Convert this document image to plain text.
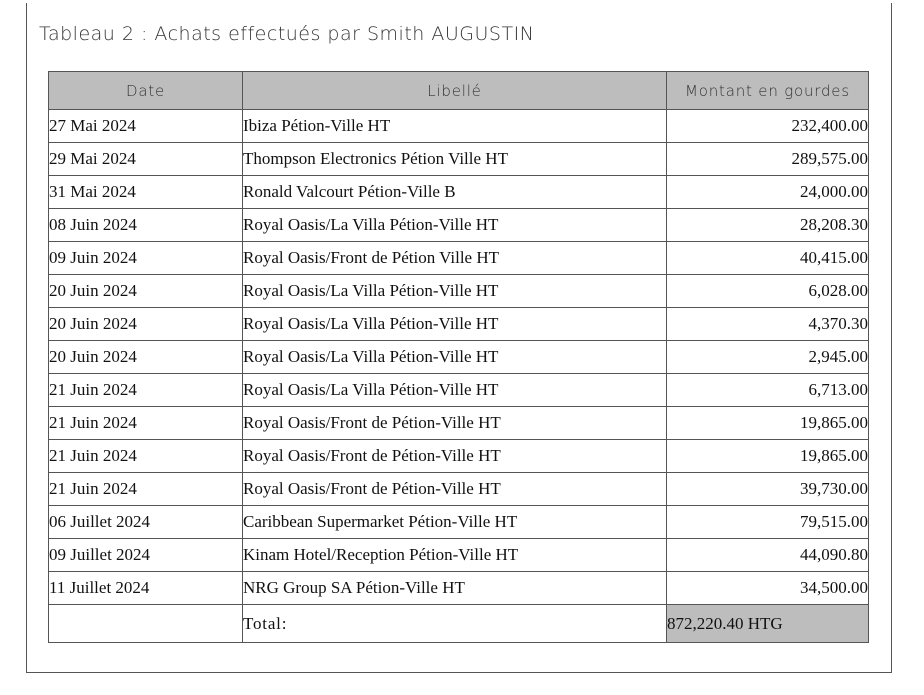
Tableau 2 : Achats effectués par Smith AUGUSTIN
Date	Libellé	Montant en gourdes
27 Mai 2024	Ibiza Pétion-Ville HT	232,400.00
29 Mai 2024	Thompson Electronics Pétion Ville HT	289,575.00
31 Mai 2024	Ronald Valcourt Pétion-Ville B	24,000.00
08 Juin 2024	Royal Oasis/La Villa Pétion-Ville HT	28,208.30
09 Juin 2024	Royal Oasis/Front de Pétion Ville HT	40,415.00
20 Juin 2024	Royal Oasis/La Villa Pétion-Ville HT	6,028.00
20 Juin 2024	Royal Oasis/La Villa Pétion-Ville HT	4,370.30
20 Juin 2024	Royal Oasis/La Villa Pétion-Ville HT	2,945.00
21 Juin 2024	Royal Oasis/La Villa Pétion-Ville HT	6,713.00
21 Juin 2024	Royal Oasis/Front de Pétion-Ville HT	19,865.00
21 Juin 2024	Royal Oasis/Front de Pétion-Ville HT	19,865.00
21 Juin 2024	Royal Oasis/Front de Pétion-Ville HT	39,730.00
06 Juillet 2024	Caribbean Supermarket Pétion-Ville HT	79,515.00
09 Juillet 2024	Kinam Hotel/Reception Pétion-Ville HT	44,090.80
11 Juillet 2024	NRG Group SA Pétion-Ville HT	34,500.00
	Total:	872,220.40 HTG
